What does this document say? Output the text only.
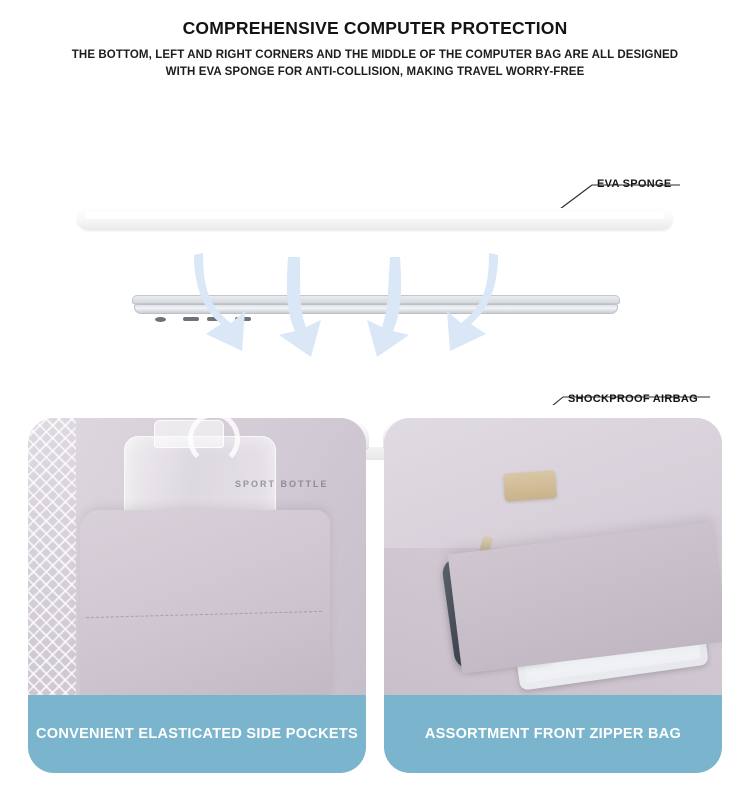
COMPREHENSIVE COMPUTER PROTECTION
THE BOTTOM, LEFT AND RIGHT CORNERS AND THE MIDDLE OF THE COMPUTER BAG ARE ALL DESIGNED WITH EVA SPONGE FOR ANTI-COLLISION, MAKING TRAVEL WORRY-FREE
EVA SPONGE
SHOCKPROOF AIRBAG
SPORT BOTTLE
CONVENIENT ELASTICATED SIDE POCKETS	ASSORTMENT FRONT ZIPPER BAG
